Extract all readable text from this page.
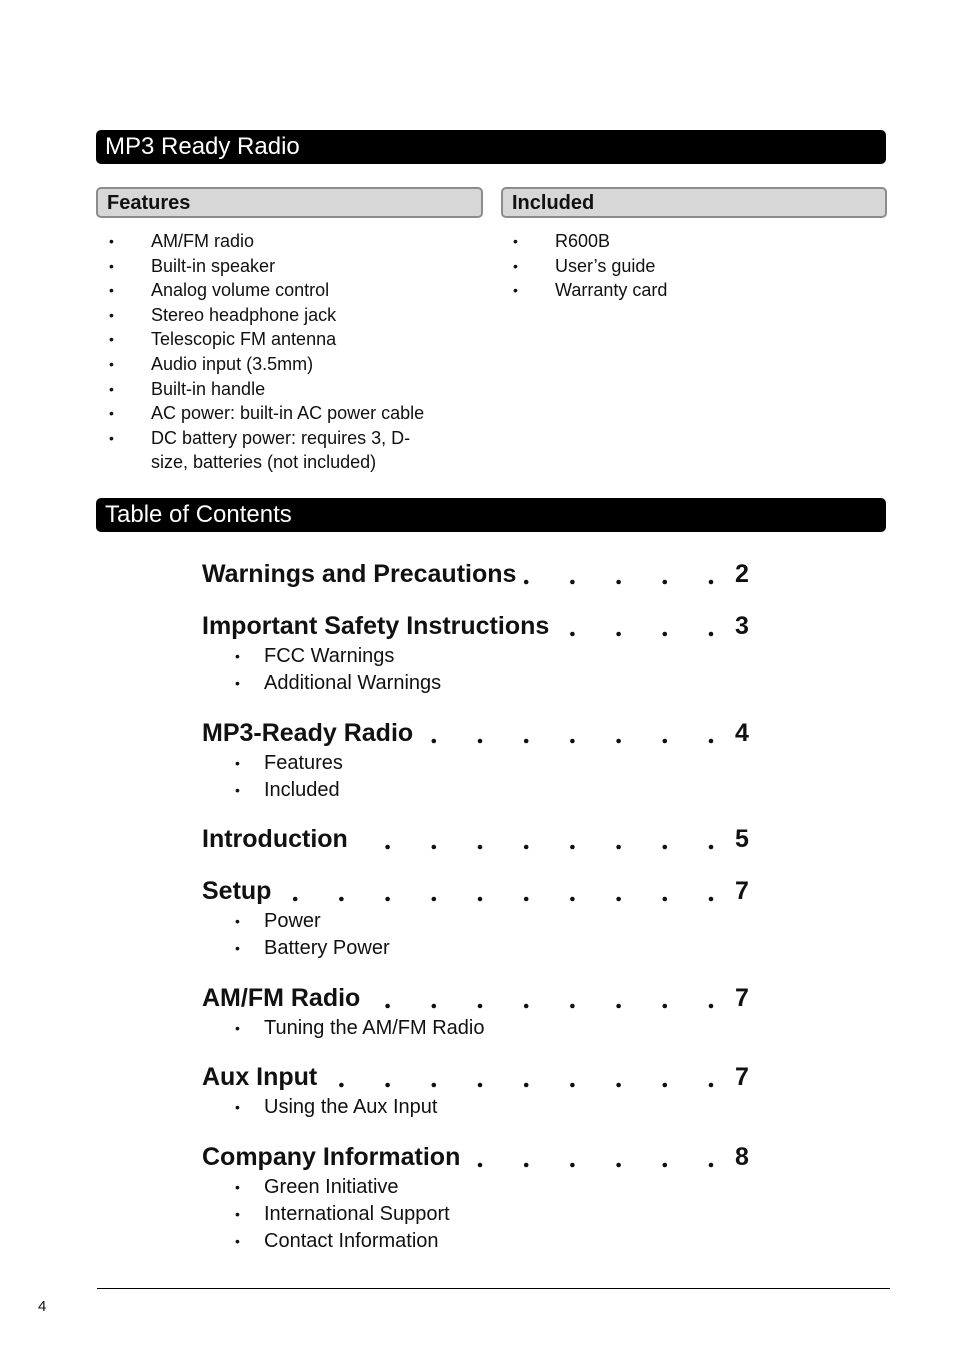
MP3 Ready Radio
Features	Included
• AM/FM radio
• Built-in speaker
• Analog volume control
• Stereo headphone jack
• Telescopic FM antenna
• Audio input (3.5mm)
• Built-in handle
• AC power: built-in AC power cable
• DC battery power: requires 3, D-size, batteries (not included)
• R600B
• User’s guide
• Warranty card
Table of Contents
Warnings and Precautions	2
Important Safety Instructions	3
• FCC Warnings
• Additional Warnings
MP3-Ready Radio	4
• Features
• Included
Introduction	5
Setup	7
• Power
• Battery Power
AM/FM Radio	7
• Tuning the AM/FM Radio
Aux Input	7
• Using the Aux Input
Company Information	8
• Green Initiative
• International Support
• Contact Information
4
